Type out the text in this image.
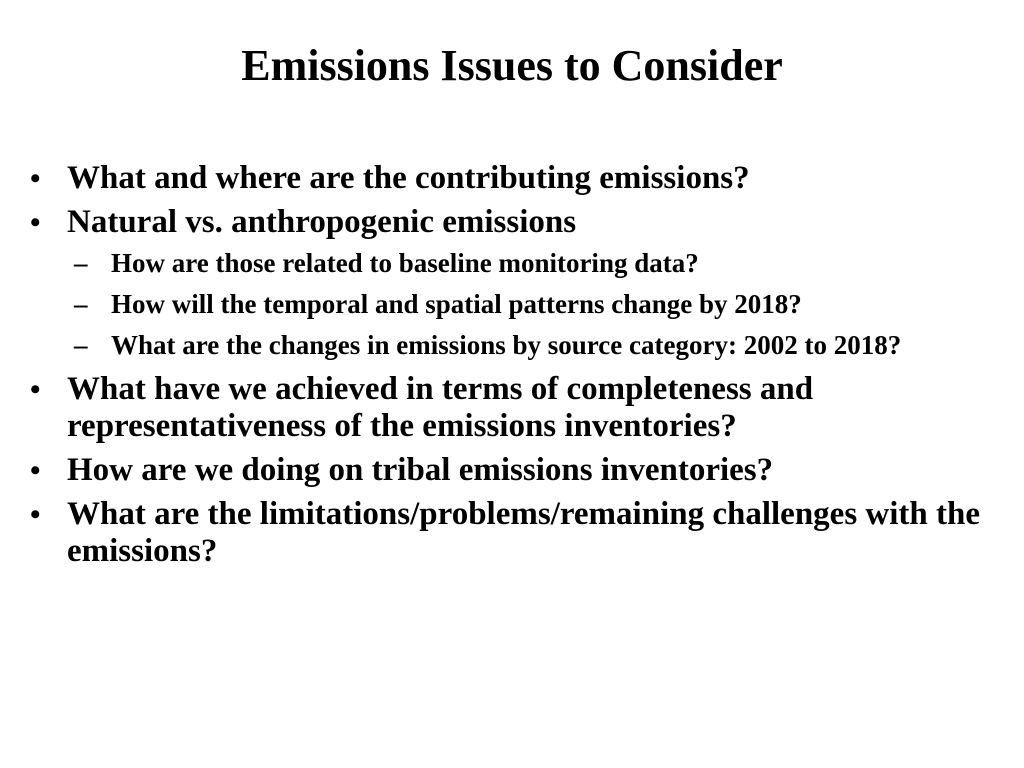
Emissions Issues to Consider
• What and where are the contributing emissions?
• Natural vs. anthropogenic emissions
– How are those related to baseline monitoring data?
– How will the temporal and spatial patterns change by 2018?
– What are the changes in emissions by source category: 2002 to 2018?
• What have we achieved in terms of completeness and representativeness of the emissions inventories?
• How are we doing on tribal emissions inventories?
• What are the limitations/problems/remaining challenges with the emissions?
